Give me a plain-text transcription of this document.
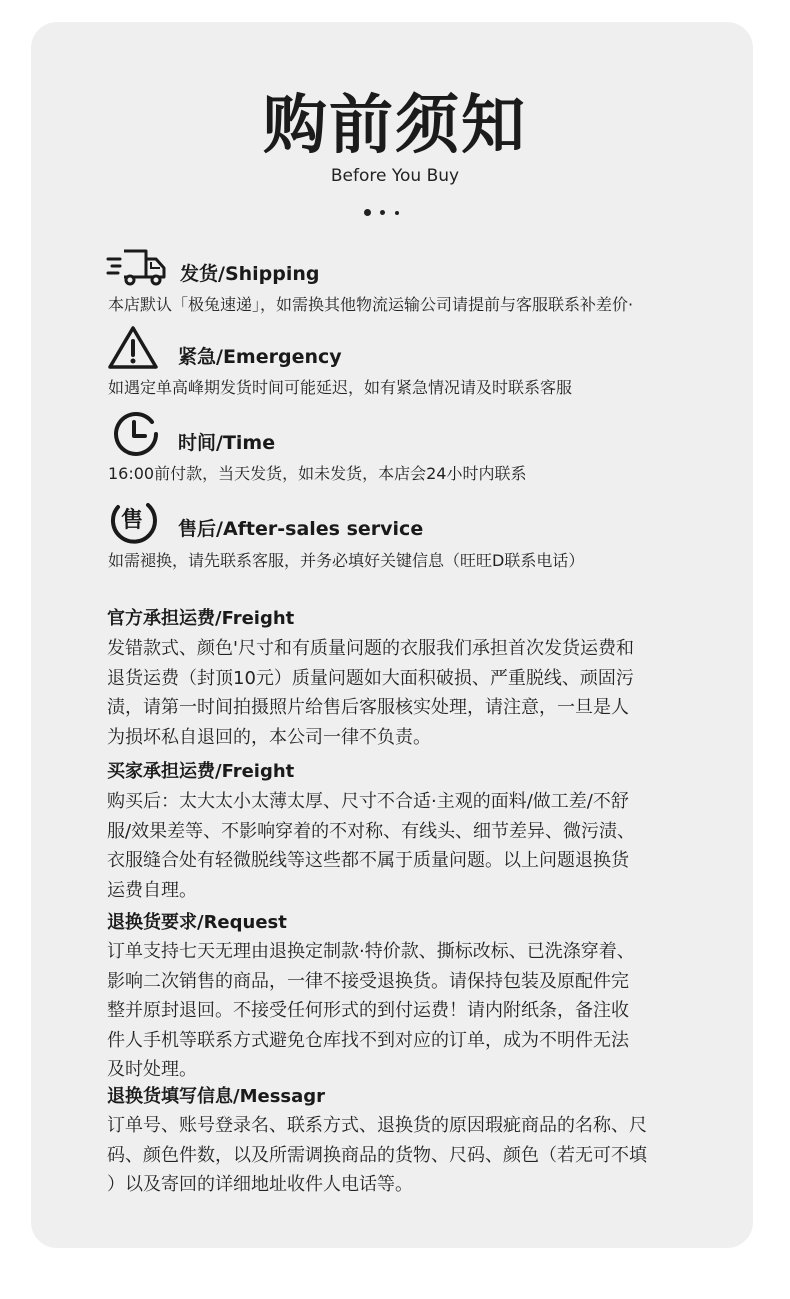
购前须知
Before You Buy
发货/Shipping
本店默认「极兔速递」，如需换其他物流运输公司请提前与客服联系补差价·
紧急/Emergency
如遇定单高峰期发货时间可能延迟，如有紧急情况请及时联系客服
时间/Time
16:00前付款，当天发货，如未发货，本店会24小时内联系
售 售后/After-sales service
如需褪换，请先联系客服，并务必填好关键信息（旺旺D联系电话）
官方承担运费/Freight
发错款式、颜色'尺寸和有质量问题的衣服我们承担首次发货运费和
退货运费（封顶10元）质量问题如大面积破损、严重脱线、顽固污
渍，请第一时间拍摄照片给售后客服核实处理，请注意，一旦是人
为损坏私自退回的，本公司一律不负责。
买家承担运费/Freight
购买后：太大太小太薄太厚、尺寸不合适·主观的面料/做工差/不舒
服/效果差等、不影响穿着的不对称、有线头、细节差异、微污渍、
衣服缝合处有轻微脱线等这些都不属于质量问题。以上问题退换货
运费自理。
退换货要求/Request
订单支持七天无理由退换定制款·特价款、撕标改标、已洗涤穿着、
影响二次销售的商品，一律不接受退换货。请保持包装及原配件完
整并原封退回。不接受任何形式的到付运费！请内附纸条，备注收
件人手机等联系方式避免仓库找不到对应的订单，成为不明件无法
及时处理。
退换货填写信息/Messagr
订单号、账号登录名、联系方式、退换货的原因瑕疵商品的名称、尺
码、颜色件数，以及所需调换商品的货物、尺码、颜色（若无可不填
）以及寄回的详细地址收件人电话等。
